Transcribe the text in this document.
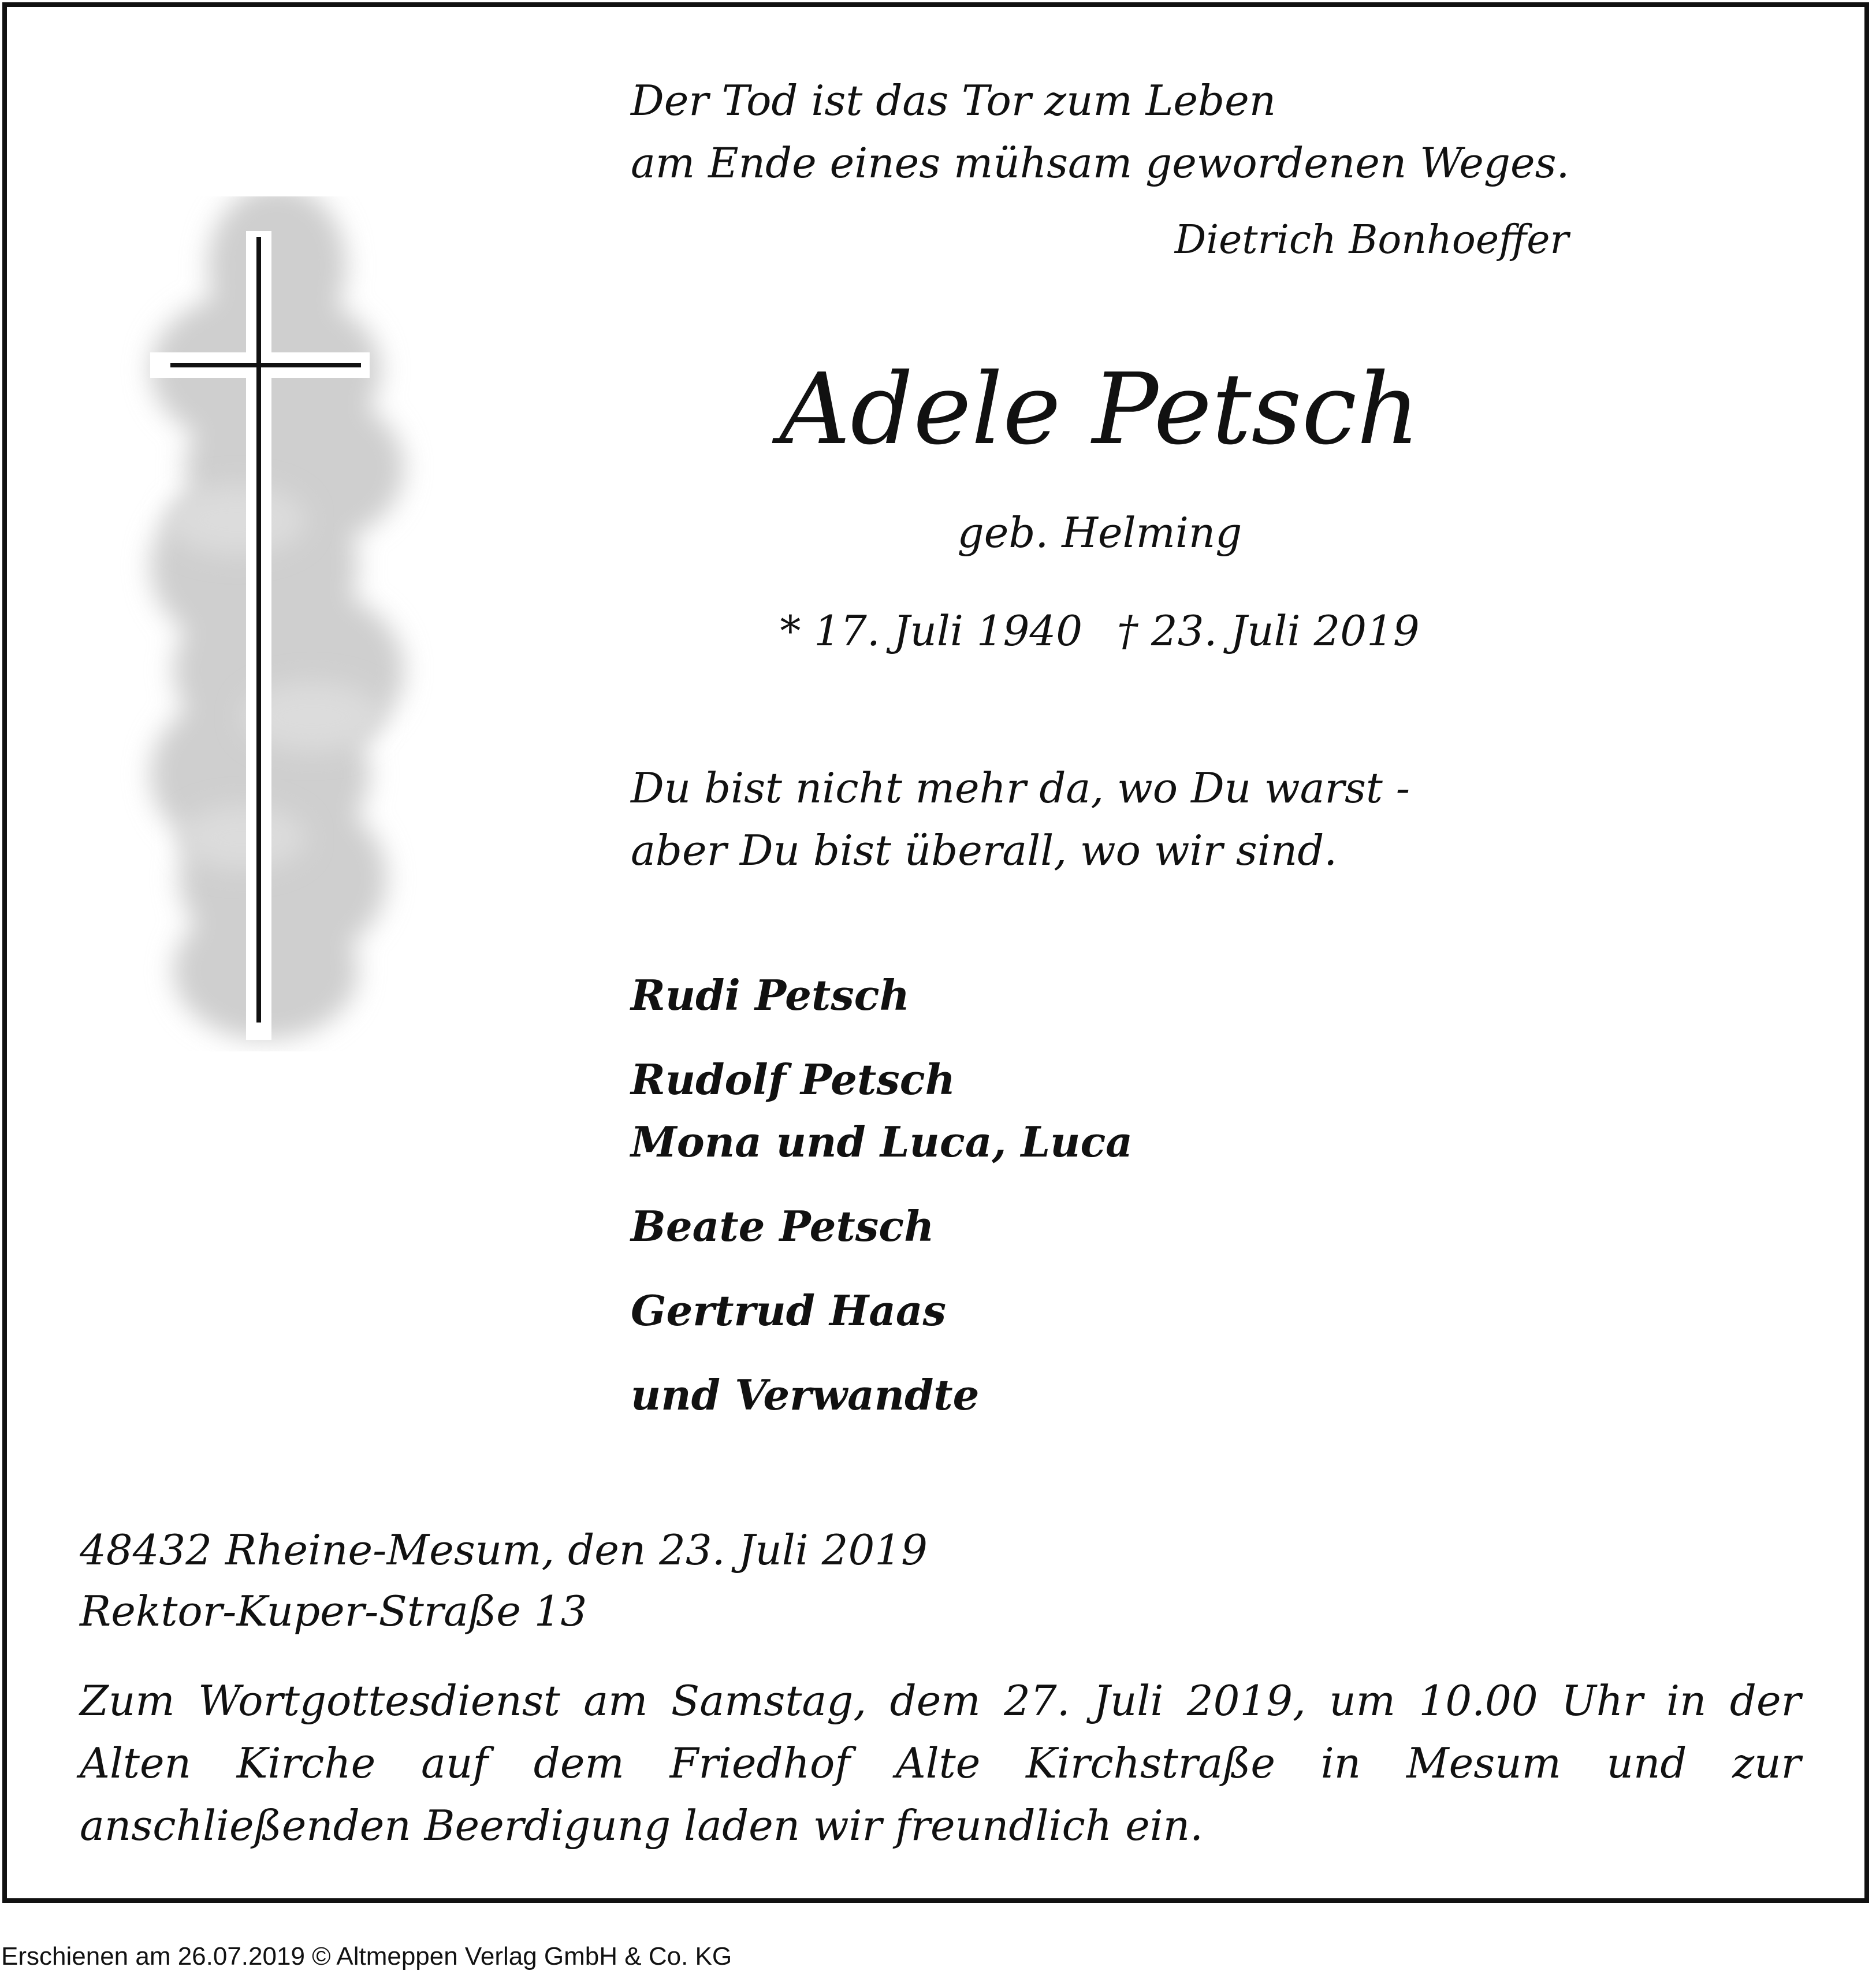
Der Tod ist das Tor zum Leben
am Ende eines mühsam gewordenen Weges.
Dietrich Bonhoeffer
Adele Petsch
geb. Helming
* 17. Juli 1940 † 23. Juli 2019
Du bist nicht mehr da, wo Du warst -
aber Du bist überall, wo wir sind.
Rudi Petsch
Rudolf Petsch
Mona und Luca, Luca
Beate Petsch
Gertrud Haas
und Verwandte
48432 Rheine-Mesum, den 23. Juli 2019
Rektor-Kuper-Straße 13
Zum Wortgottesdienst am Samstag, dem 27. Juli 2019, um 10.00 Uhr in der Alten Kirche auf dem Friedhof Alte Kirchstraße in Mesum und zur anschließenden Beerdigung laden wir freundlich ein.
Erschienen am 26.07.2019 © Altmeppen Verlag GmbH & Co. KG
